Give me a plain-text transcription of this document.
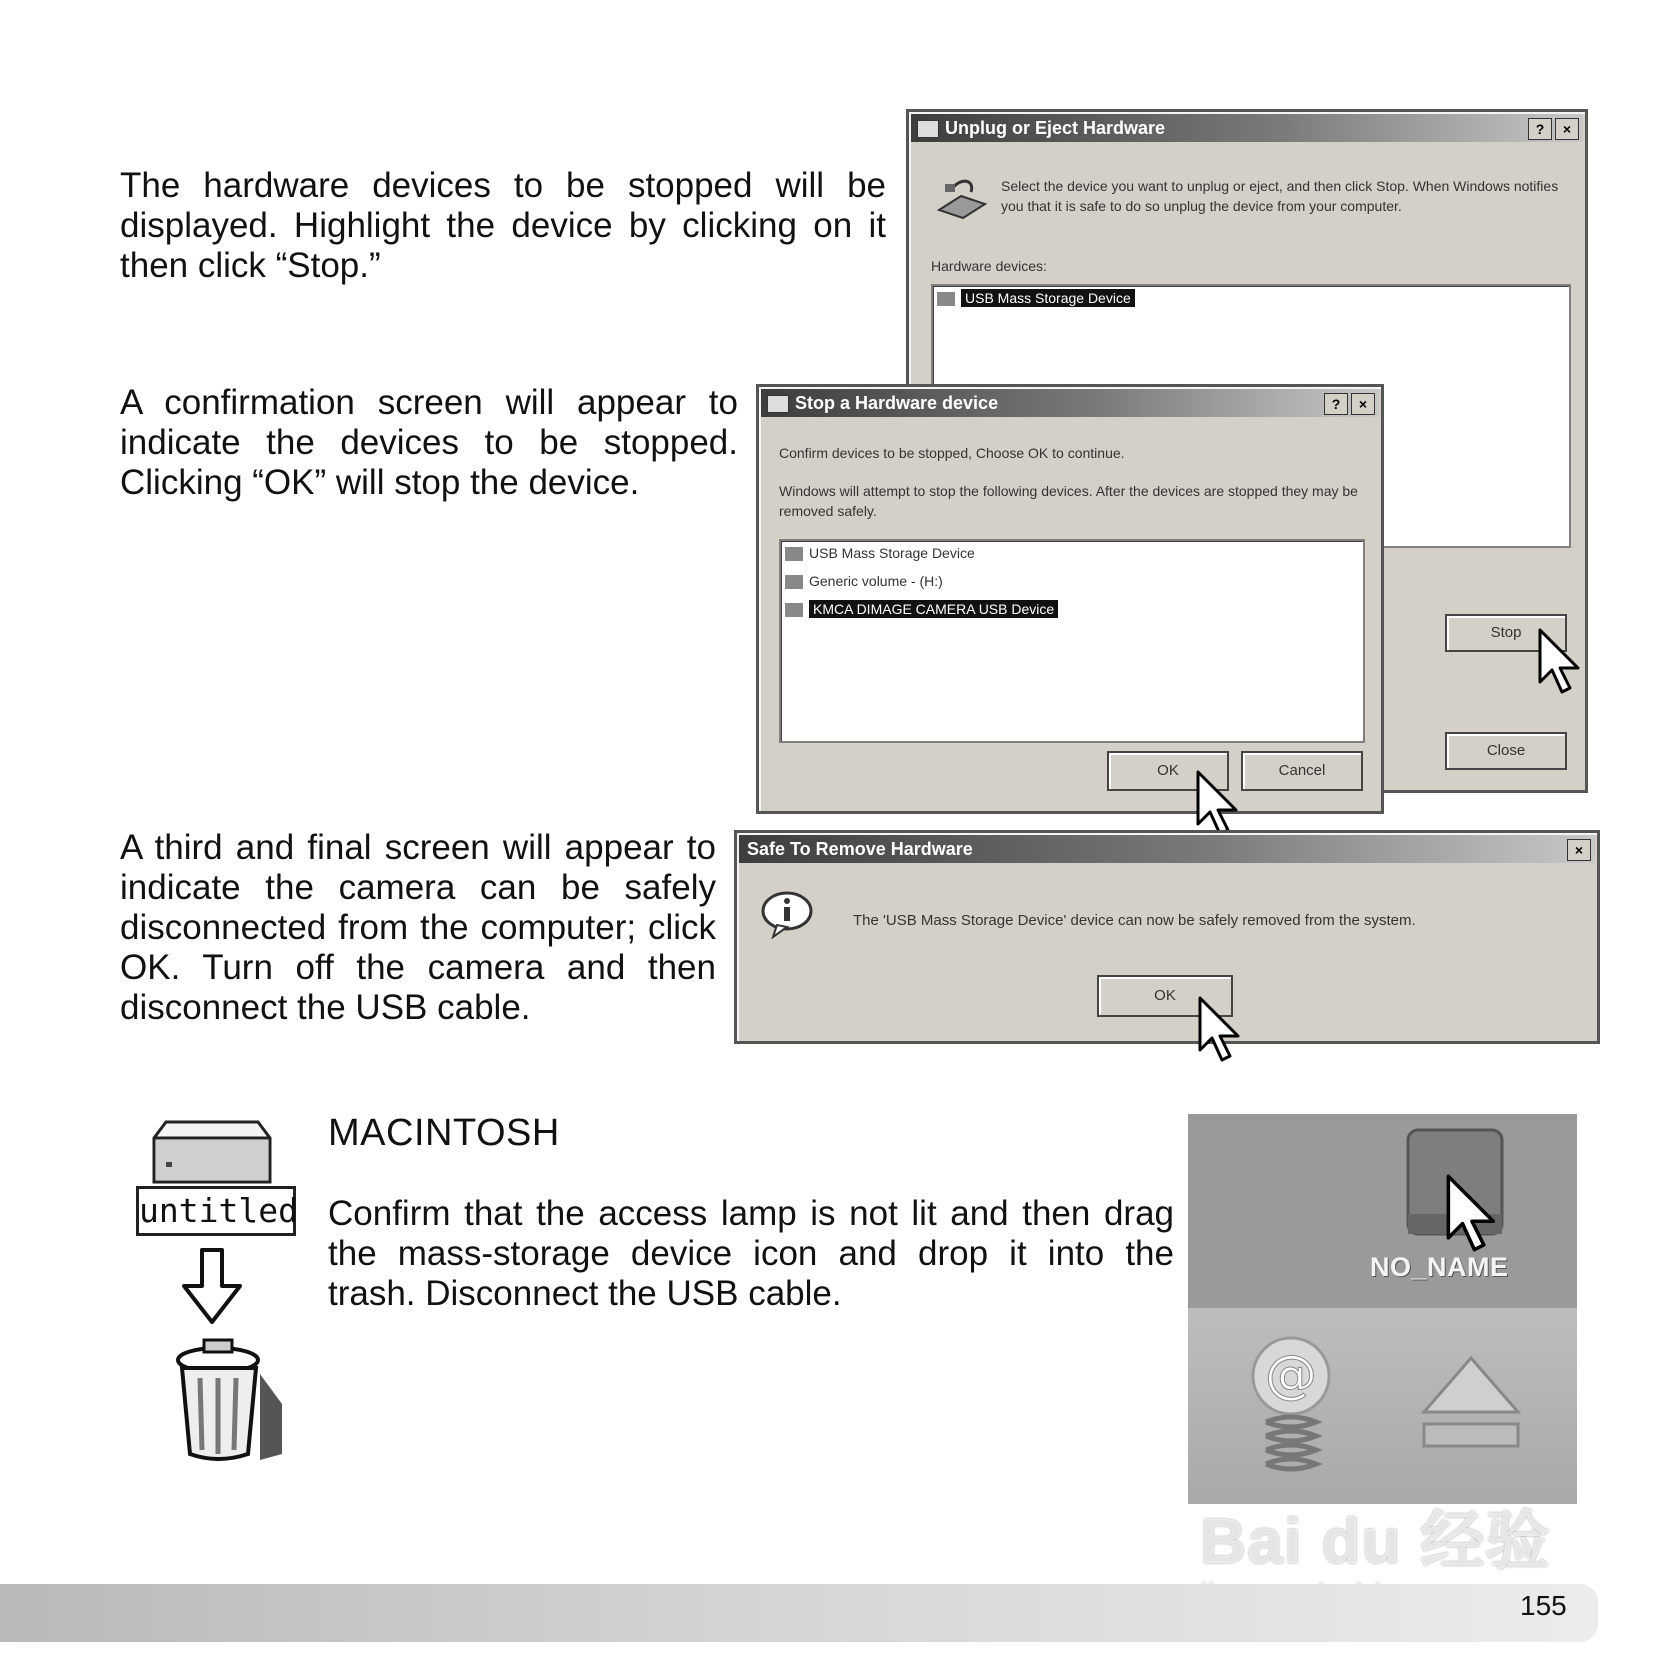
The hardware devices to be stopped will be displayed. Highlight the device by clicking on it then click “Stop.”

A confirmation screen will appear to indicate the devices to be stopped. Clicking “OK” will stop the device.

A third and final screen will appear to indicate the camera can be safely disconnected from the computer; click OK. Turn off the camera and then disconnect the USB cable.

Unplug or Eject Hardware	?	×
Select the device you want to unplug or eject, and then click Stop. When Windows notifies you that it is safe to do so unplug the device from your computer.
Hardware devices:
USB Mass Storage Device
Stop
Close
Stop a Hardware device	?	×
Confirm devices to be stopped, Choose OK to continue.
Windows will attempt to stop the following devices. After the devices are stopped they may be removed safely.
USB Mass Storage Device
Generic volume - (H:)
KMCA DIMAGE CAMERA USB Device
OK	Cancel
Safe To Remove Hardware	×
The 'USB Mass Storage Device' device can now be safely removed from the system.
OK
untitled
MACINTOSH

Confirm that the access lamp is not lit and then drag the mass-storage device icon and drop it into the trash. Disconnect the USB cable.

NO_NAME
@
Bai du 经验
155
